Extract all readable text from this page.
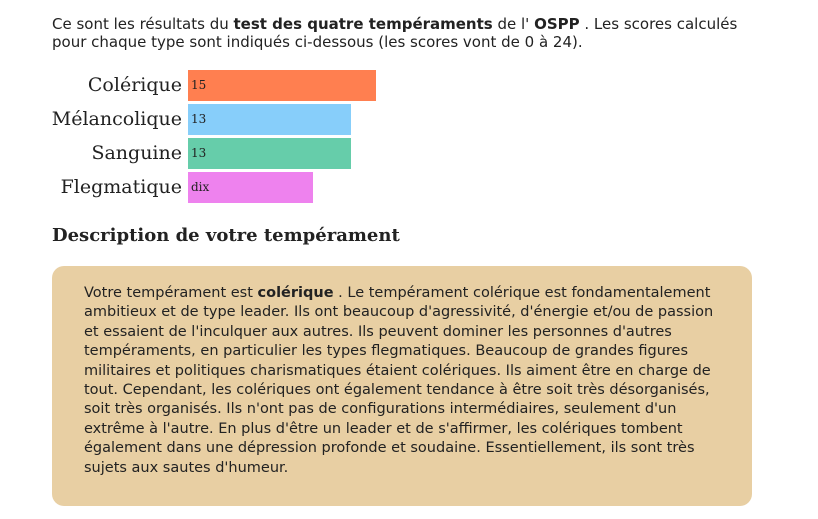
Ce sont les résultats du test des quatre tempéraments de l' OSPP . Les scores calculés pour chaque type sont indiqués ci-dessous (les scores vont de 0 à 24).
Colérique 15
Mélancolique 13
Sanguine 13
Flegmatique dix
Description de votre tempérament
Votre tempérament est colérique . Le tempérament colérique est fondamentalement ambitieux et de type leader. Ils ont beaucoup d'agressivité, d'énergie et/ou de passion et essaient de l'inculquer aux autres. Ils peuvent dominer les personnes d'autres tempéraments, en particulier les types flegmatiques. Beaucoup de grandes figures militaires et politiques charismatiques étaient colériques. Ils aiment être en charge de tout. Cependant, les colériques ont également tendance à être soit très désorganisés, soit très organisés. Ils n'ont pas de configurations intermédiaires, seulement d'un extrême à l'autre. En plus d'être un leader et de s'affirmer, les colériques tombent également dans une dépression profonde et soudaine. Essentiellement, ils sont très sujets aux sautes d'humeur.
